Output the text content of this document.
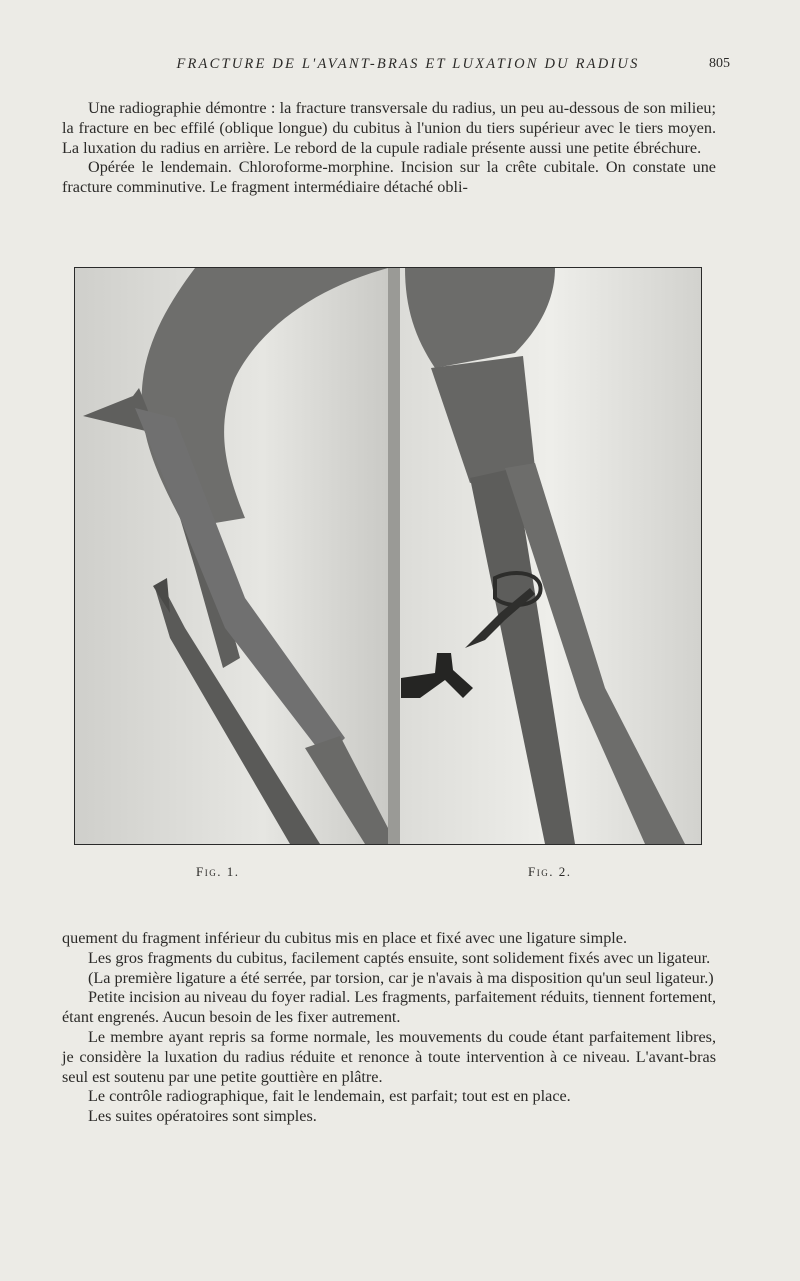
FRACTURE DE L'AVANT-BRAS ET LUXATION DU RADIUS	805

Une radiographie démontre : la fracture transversale du radius, un peu au-dessous de son milieu; la fracture en bec effilé (oblique longue) du cubitus à l'union du tiers supérieur avec le tiers moyen. La luxation du radius en arrière. Le rebord de la cupule radiale présente aussi une petite ébréchure.

Opérée le lendemain. Chloroforme-morphine. Incision sur la crête cubitale. On constate une fracture comminutive. Le fragment intermédiaire détaché obli-

Fig. 1.	Fig. 2.

quement du fragment inférieur du cubitus mis en place et fixé avec une ligature simple.

Les gros fragments du cubitus, facilement captés ensuite, sont solidement fixés avec un ligateur.

(La première ligature a été serrée, par torsion, car je n'avais à ma disposition qu'un seul ligateur.)

Petite incision au niveau du foyer radial. Les fragments, parfaitement réduits, tiennent fortement, étant engrenés. Aucun besoin de les fixer autrement.

Le membre ayant repris sa forme normale, les mouvements du coude étant parfaitement libres, je considère la luxation du radius réduite et renonce à toute intervention à ce niveau. L'avant-bras seul est soutenu par une petite gouttière en plâtre.

Le contrôle radiographique, fait le lendemain, est parfait; tout est en place.

Les suites opératoires sont simples.
